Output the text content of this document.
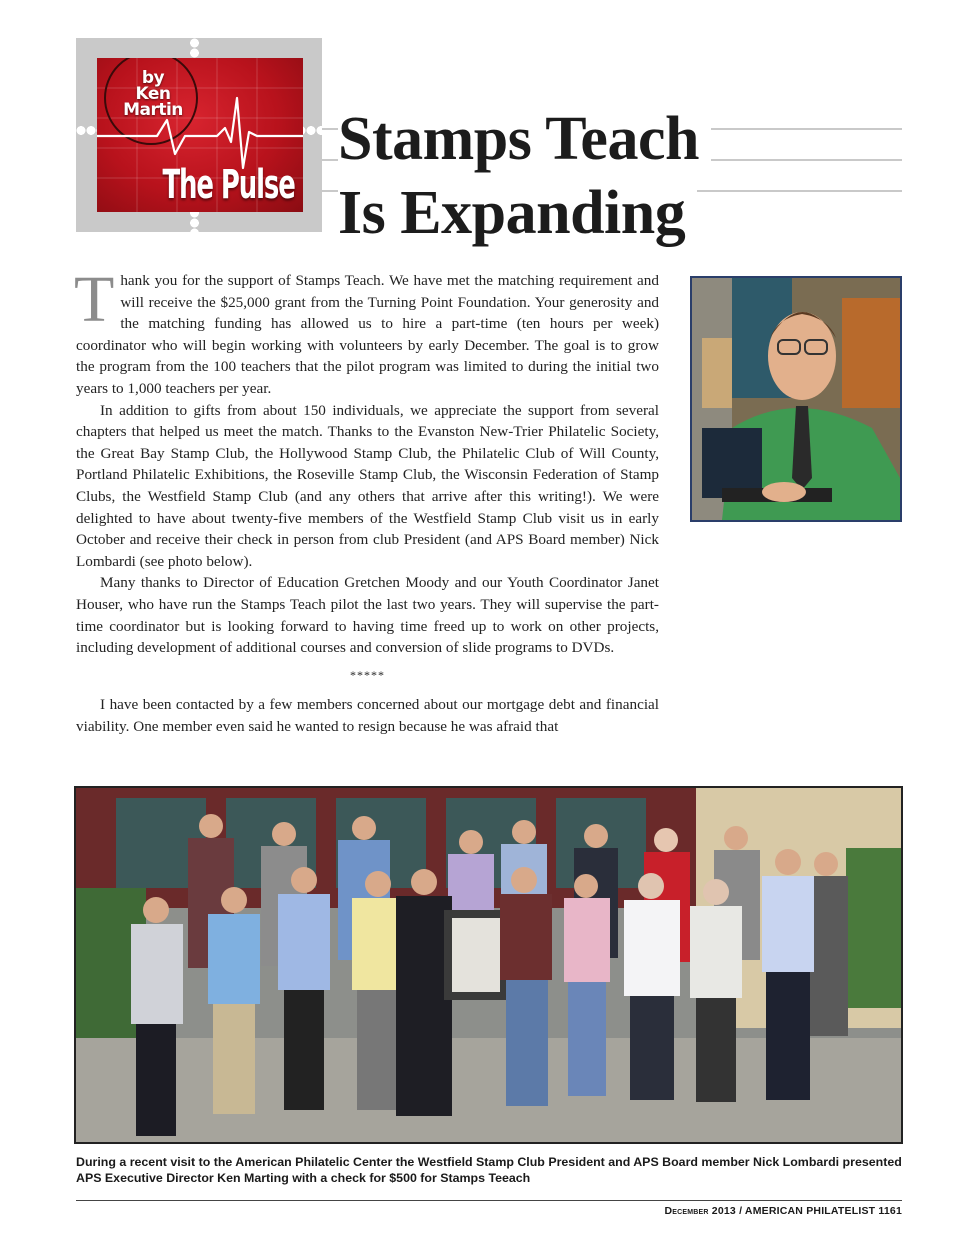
by
Ken
Martin
The Pulse
Stamps Teach
Is Expanding

Thank you for the support of Stamps Teach. We have met the matching requirement and will receive the $25,000 grant from the Turning Point Foundation. Your generosity and the matching funding has allowed us to hire a part-time (ten hours per week) coordinator who will begin working with volunteers by early December. The goal is to grow the program from the 100 teachers that the pilot program was limited to during the initial two years to 1,000 teachers per year.

In addition to gifts from about 150 individuals, we appreciate the support from several chapters that helped us meet the match. Thanks to the Evanston New-Trier Philatelic Society, the Great Bay Stamp Club, the Hollywood Stamp Club, the Philatelic Club of Will County, Portland Philatelic Exhibitions, the Roseville Stamp Club, the Wisconsin Federation of Stamp Clubs, the Westfield Stamp Club (and any others that arrive after this writing!). We were delighted to have about twenty-five members of the Westfield Stamp Club visit us in early October and receive their check in person from club President (and APS Board member) Nick Lombardi (see photo below).

Many thanks to Director of Education Gretchen Moody and our Youth Coordinator Janet Houser, who have run the Stamps Teach pilot the last two years. They will supervise the part-time coordinator but is looking forward to having time freed up to work on other projects, including development of additional courses and conversion of slide programs to DVDs.

*****

I have been contacted by a few members concerned about our mortgage debt and financial viability. One member even said he wanted to resign because he was afraid that

During a recent visit to the American Philatelic Center the Westfield Stamp Club President and APS Board member Nick Lombardi presented APS Executive Director Ken Marting with a check for $500 for Stamps Teeach

December 2013 / AMERICAN PHILATELIST 1161
